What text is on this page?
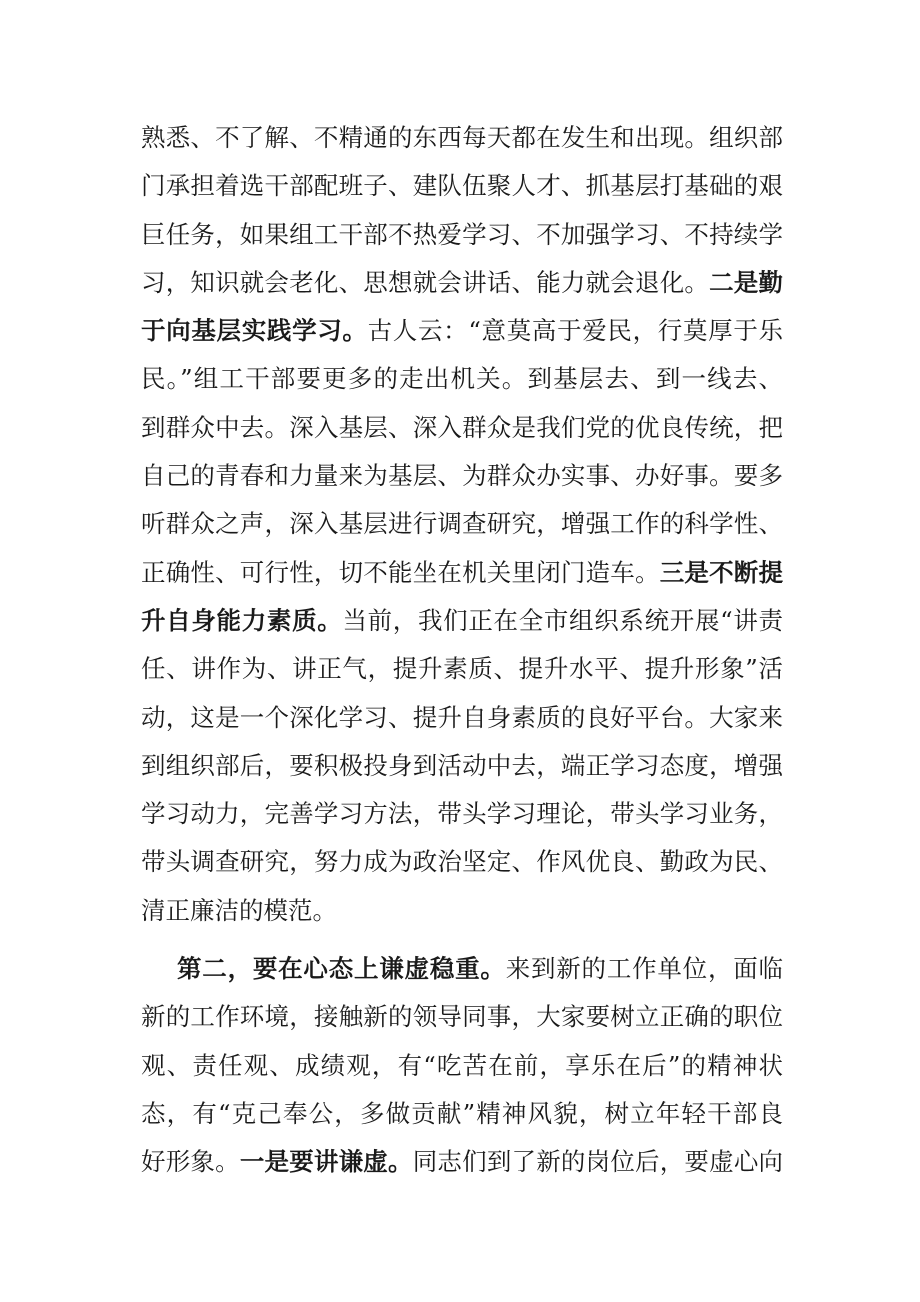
熟悉、不了解、不精通的东西每天都在发生和出现。组织部
门承担着选干部配班子、建队伍聚人才、抓基层打基础的艰
巨任务，如果组工干部不热爱学习、不加强学习、不持续学
习，知识就会老化、思想就会讲话、能力就会退化。二是勤
于向基层实践学习。古人云：“意莫高于爱民，行莫厚于乐
民。”组工干部要更多的走出机关。到基层去、到一线去、
到群众中去。深入基层、深入群众是我们党的优良传统，把
自己的青春和力量来为基层、为群众办实事、办好事。要多
听群众之声，深入基层进行调查研究，增强工作的科学性、
正确性、可行性，切不能坐在机关里闭门造车。三是不断提
升自身能力素质。当前，我们正在全市组织系统开展“讲责
任、讲作为、讲正气，提升素质、提升水平、提升形象”活
动，这是一个深化学习、提升自身素质的良好平台。大家来
到组织部后，要积极投身到活动中去，端正学习态度，增强
学习动力，完善学习方法，带头学习理论，带头学习业务，
带头调查研究，努力成为政治坚定、作风优良、勤政为民、
清正廉洁的模范。
第二，要在心态上谦虚稳重。来到新的工作单位，面临
新的工作环境，接触新的领导同事，大家要树立正确的职位
观、责任观、成绩观，有“吃苦在前，享乐在后”的精神状
态，有“克己奉公，多做贡献”精神风貌，树立年轻干部良
好形象。一是要讲谦虚。同志们到了新的岗位后，要虚心向
